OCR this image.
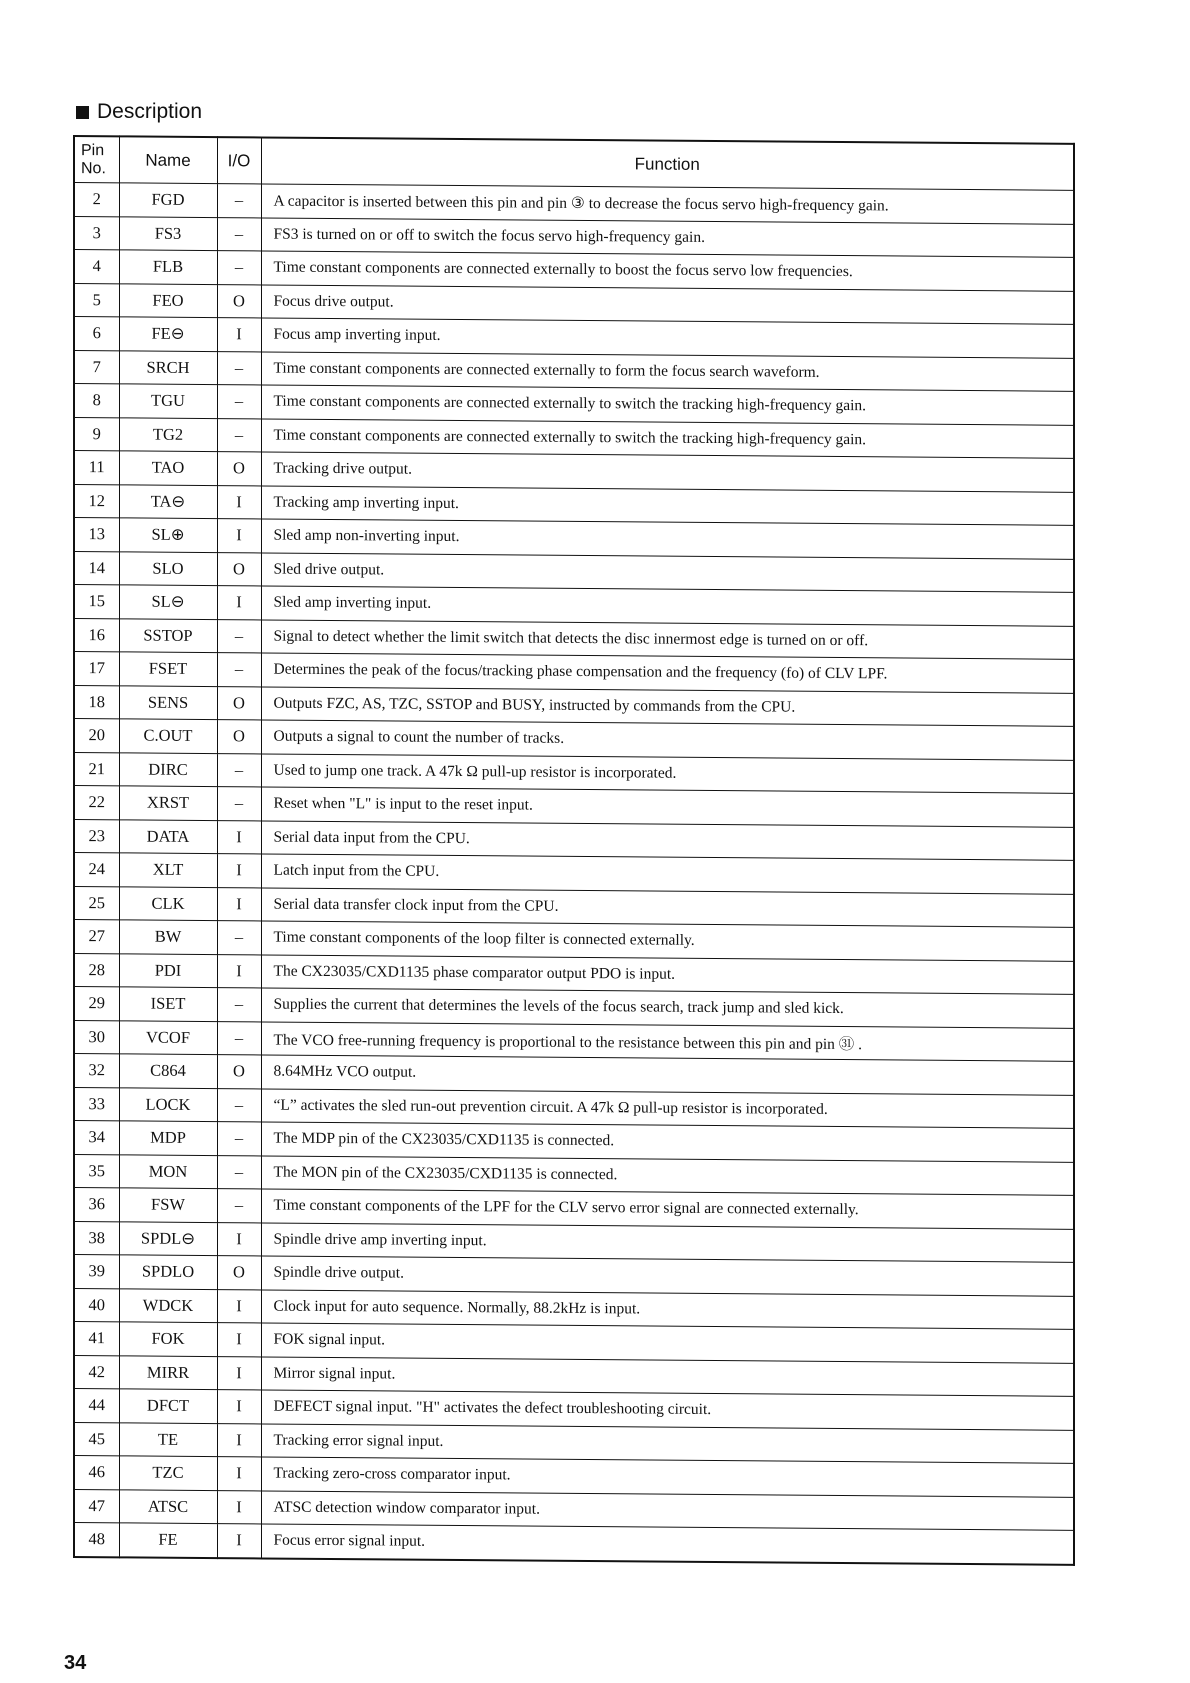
Description
Pin
No.	Name	I/O	Function
2	FGD	–	A capacitor is inserted between this pin and pin ③ to decrease the focus servo high-frequency gain.
3	FS3	–	FS3 is turned on or off to switch the focus servo high-frequency gain.
4	FLB	–	Time constant components are connected externally to boost the focus servo low frequencies.
5	FEO	O	Focus drive output.
6	FE⊖	I	Focus amp inverting input.
7	SRCH	–	Time constant components are connected externally to form the focus search waveform.
8	TGU	–	Time constant components are connected externally to switch the tracking high-frequency gain.
9	TG2	–	Time constant components are connected externally to switch the tracking high-frequency gain.
11	TAO	O	Tracking drive output.
12	TA⊖	I	Tracking amp inverting input.
13	SL⊕	I	Sled amp non-inverting input.
14	SLO	O	Sled drive output.
15	SL⊖	I	Sled amp inverting input.
16	SSTOP	–	Signal to detect whether the limit switch that detects the disc innermost edge is turned on or off.
17	FSET	–	Determines the peak of the focus/tracking phase compensation and the frequency (fo) of CLV LPF.
18	SENS	O	Outputs FZC, AS, TZC, SSTOP and BUSY, instructed by commands from the CPU.
20	C.OUT	O	Outputs a signal to count the number of tracks.
21	DIRC	–	Used to jump one track. A 47k Ω pull-up resistor is incorporated.
22	XRST	–	Reset when "L" is input to the reset input.
23	DATA	I	Serial data input from the CPU.
24	XLT	I	Latch input from the CPU.
25	CLK	I	Serial data transfer clock input from the CPU.
27	BW	–	Time constant components of the loop filter is connected externally.
28	PDI	I	The CX23035/CXD1135 phase comparator output PDO is input.
29	ISET	–	Supplies the current that determines the levels of the focus search, track jump and sled kick.
30	VCOF	–	The VCO free-running frequency is proportional to the resistance between this pin and pin ㉛ .
32	C864	O	8.64MHz VCO output.
33	LOCK	–	“L” activates the sled run-out prevention circuit. A 47k Ω pull-up resistor is incorporated.
34	MDP	–	The MDP pin of the CX23035/CXD1135 is connected.
35	MON	–	The MON pin of the CX23035/CXD1135 is connected.
36	FSW	–	Time constant components of the LPF for the CLV servo error signal are connected externally.
38	SPDL⊖	I	Spindle drive amp inverting input.
39	SPDLO	O	Spindle drive output.
40	WDCK	I	Clock input for auto sequence. Normally, 88.2kHz is input.
41	FOK	I	FOK signal input.
42	MIRR	I	Mirror signal input.
44	DFCT	I	DEFECT signal input. "H" activates the defect troubleshooting circuit.
45	TE	I	Tracking error signal input.
46	TZC	I	Tracking zero-cross comparator input.
47	ATSC	I	ATSC detection window comparator input.
48	FE	I	Focus error signal input.
34
